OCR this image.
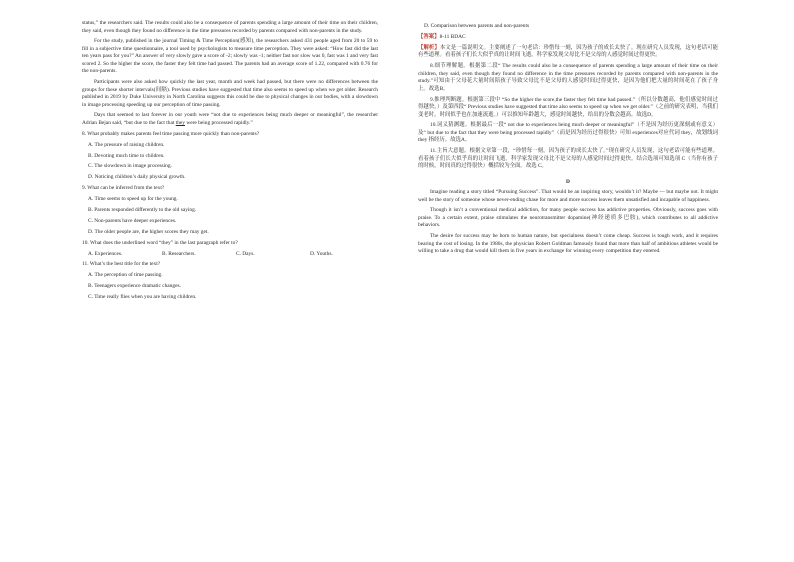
status,” the researchers said. The results could also be a consequence of parents spending a large amount of their time on their children, they said, even though they found no difference in the time pressures recorded by parents compared with non-parents in the study.

For the study, published in the journal Timing & Time Perception(感知), the researchers asked 431 people aged from 20 to 59 to fill in a subjective time questionnaire, a tool used by psychologists to measure time perception. They were asked: “How fast did the last ten years pass for you?” An answer of very slowly gave a score of -2; slowly was -1; neither fast nor slow was 0, fast was 1 and very fast scored 2. So the higher the score, the faster they felt time had passed. The parents had an average score of 1.22, compared with 0.76 for the non-parents.

Participants were also asked how quickly the last year, month and week had passed, but there were no differences between the groups for these shorter intervals(间隔). Previous studies have suggested that time also seems to speed up when we get older. Research published in 2019 by Duke University in North Carolina suggests this could be due to physical changes in our bodies, with a slowdown in image processing speeding up our perception of time passing.

Days that seemed to last forever in our youth were “not due to experiences being much deeper or meaningful”, the researcher Adrian Bejan said, “but due to the fact that they were being processed rapidly.”

8. What probably makes parents feel time passing more quickly than non-parents?

A. The pressure of raising children.

B. Devoting much time to children.

C. The slowdown in image processing.

D. Noticing children’s daily physical growth.

9. What can be inferred from the text?

A. Time seems to speed up for the young.

B. Parents responded differently to the old saying.

C. Non-parents have deeper experiences.

D. The older people are, the higher scores they may get.

10. What does the underlined word “they” in the last paragraph refer to?

A. Experiences.	B. Researchers.	C. Days.	D. Youths.

11. What’s the best title for the text?

A. The perception of time passing.

B. Teenagers experience dramatic changes.

C. Time really flies when you are having children.

D. Comparison between parents and non-parents

【答案】8-11 BDAC

【解析】本文是一篇说明文。主要阐述了一句老话：珍惜每一刻，因为孩子的成长太快了。现在研究人员发现，这句老话可能有些道理。看着孩子们长大似乎真的让时间飞逝。科学家发现父母比不是父母的人感觉时间过得更快。

8.细节理解题。根据第二段“ The results could also be a consequence of parents spending a large amount of their time on their children, they said, even though they found no difference in the time pressures recorded by parents compared with non-parents in the study.”可知由于父母花大量时间陪孩子导致父母比不是父母的人感觉时间过得更快，是因为他们把大量的时间花在了孩子身上。故选B。

9.推理判断题。根据第三段中 “So the higher the score,the faster they felt time had passed.”（所以分数越高，他们感觉时间过得越快。）及第四段“ Previous studies have suggested that time also seems to speed up when we get older.”（之前的研究表明，当我们变老时，时间似乎也在加速流逝。）可以推知年龄越大，感觉时间越快，给出的分数会越高。故选D。

10.词义猜测题。根据最后一段“ not due to experiences being much deeper or meaningful”（不是因为经历更深刻或有意义）及“ but due to the fact that they were being processed rapidly”（而是因为经历过得很快）可知 experiences对应代词 they，故划线词 they 指经历。故选A。

11.主旨大意题。根据文章第一段，“珍惜每一刻，因为孩子的成长太快了。”现在研究人员发现，这句老话可能有些道理。看着孩子们长大似乎真的让时间飞逝。科学家发现父母比不是父母的人感觉时间过得更快。结合选项可知选项 C（当你有孩子的时候，时间真的过得很快）概括较为全面。故选 C。

D

Imagine reading a story titled “Pursuing Success”. That would be an inspiring story, wouldn’t it? Maybe — but maybe not. It might well be the story of someone whose never-ending chase for more and more success leaves them unsatisfied and incapable of happiness.

Though it isn’t a conventional medical addiction, for many people success has addictive properties. Obviously, success goes with praise. To a certain extent, praise stimulates the neurotransmitter dopamine(神经递质多巴胺), which contributes to all addictive behaviors.

The desire for success may be born to human nature, but specialness doesn’t come cheap. Success is tough work, and it requires bearing the cost of losing. In the 1980s, the physician Robert Goldman famously found that more than half of ambitious athletes would be willing to take a drug that would kill them in five years in exchange for winning every competition they entered.
